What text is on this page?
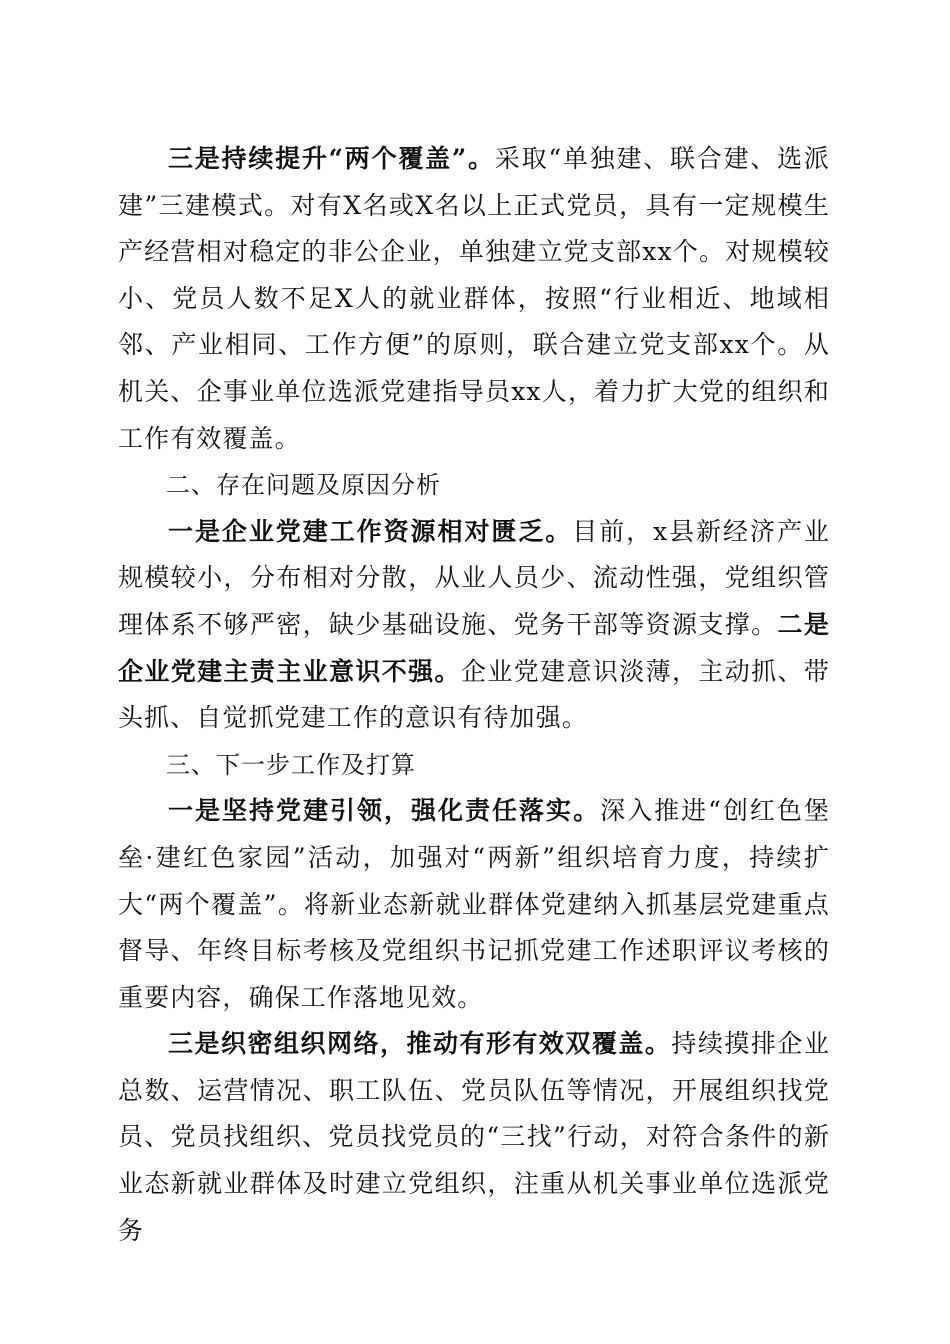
三是持续提升“两个覆盖”。采取“单独建、联合建、选派建”三建模式。对有X名或X名以上正式党员，具有一定规模生产经营相对稳定的非公企业，单独建立党支部xx个。对规模较小、党员人数不足X人的就业群体，按照“行业相近、地域相邻、产业相同、工作方便”的原则，联合建立党支部xx个。从机关、企事业单位选派党建指导员xx人，着力扩大党的组织和工作有效覆盖。

二、存在问题及原因分析

一是企业党建工作资源相对匮乏。目前，x县新经济产业规模较小，分布相对分散，从业人员少、流动性强，党组织管理体系不够严密，缺少基础设施、党务干部等资源支撑。二是企业党建主责主业意识不强。企业党建意识淡薄，主动抓、带头抓、自觉抓党建工作的意识有待加强。

三、下一步工作及打算

一是坚持党建引领，强化责任落实。深入推进“创红色堡垒·建红色家园”活动，加强对“两新”组织培育力度，持续扩大“两个覆盖”。将新业态新就业群体党建纳入抓基层党建重点督导、年终目标考核及党组织书记抓党建工作述职评议考核的重要内容，确保工作落地见效。

三是织密组织网络，推动有形有效双覆盖。持续摸排企业总数、运营情况、职工队伍、党员队伍等情况，开展组织找党员、党员找组织、党员找党员的“三找”行动，对符合条件的新业态新就业群体及时建立党组织，注重从机关事业单位选派党务
